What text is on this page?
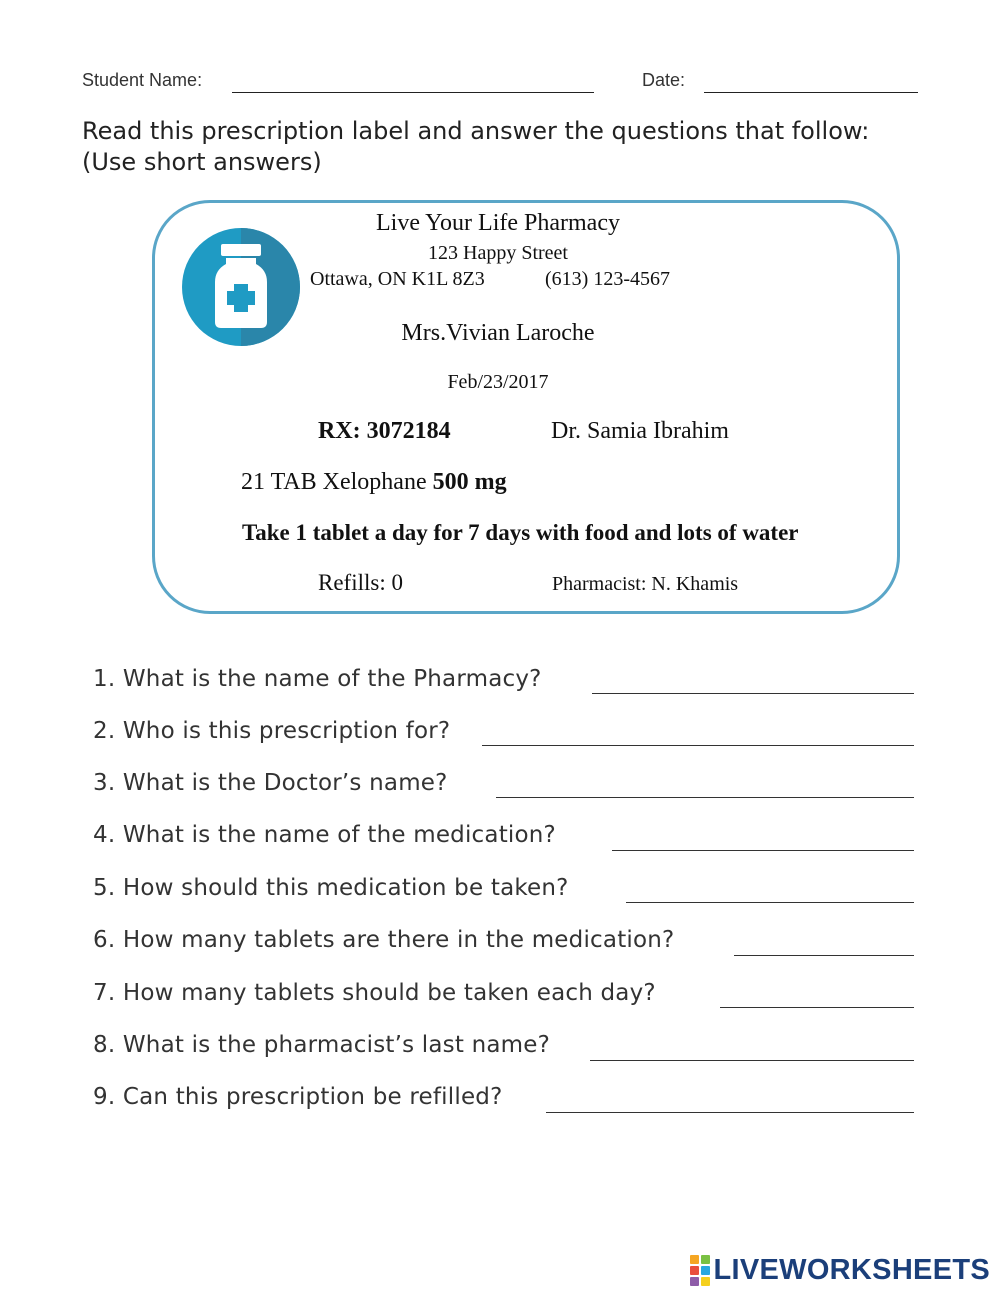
Student Name:	Date:
Read this prescription label and answer the questions that follow:
(Use short answers)
Live Your Life Pharmacy
123 Happy Street
Ottawa, ON K1L 8Z3	(613) 123-4567
Mrs.Vivian Laroche
Feb/23/2017
RX: 3072184	Dr. Samia Ibrahim
21 TAB Xelophane 500 mg
Take 1 tablet a day for 7 days with food and lots of water
Refills: 0	Pharmacist: N. Khamis
1. What is the name of the Pharmacy?
2. Who is this prescription for?
3. What is the Doctor’s name?
4. What is the name of the medication?
5. How should this medication be taken?
6. How many tablets are there in the medication?
7. How many tablets should be taken each day?
8. What is the pharmacist’s last name?
9. Can this prescription be refilled?
LIVEWORKSHEETS
